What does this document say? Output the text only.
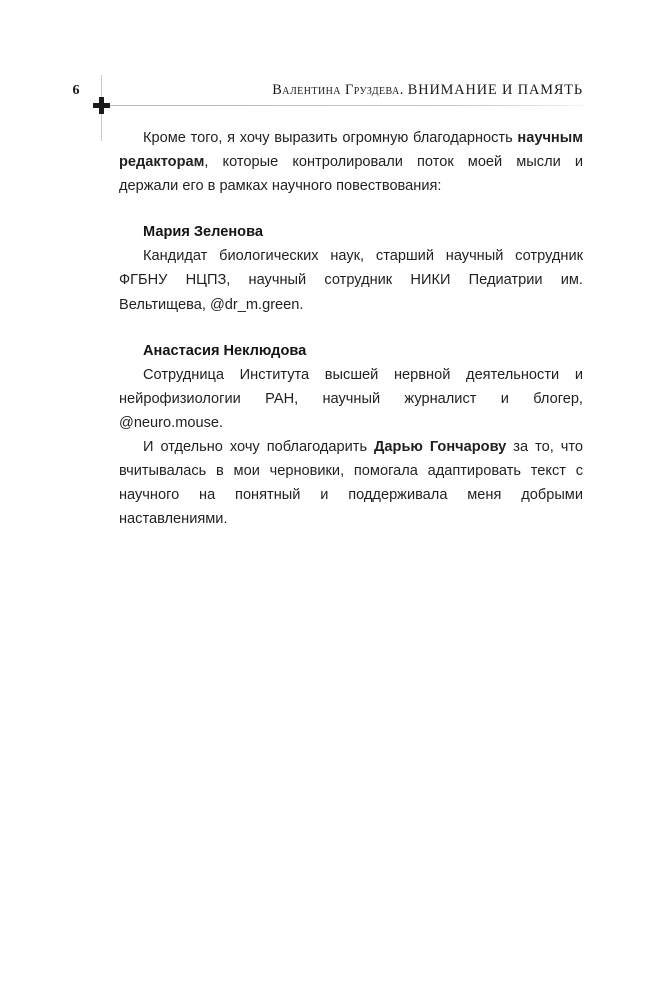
6	Валентина Груздева. ВНИМАНИЕ И ПАМЯТЬ

Кроме того, я хочу выразить огромную благодарность научным редакторам, которые контролировали поток моей мысли и держали его в рамках научного повествования:

Мария Зеленова

Кандидат биологических наук, старший научный сотрудник ФГБНУ НЦПЗ, научный сотрудник НИКИ Педиатрии им. Вельтищева, @dr_m.green.

Анастасия Неклюдова

Сотрудница Института высшей нервной деятельности и нейрофизиологии РАН, научный журналист и блогер, @neuro.mouse.

И отдельно хочу поблагодарить Дарью Гончарову за то, что вчитывалась в мои черновики, помогала адаптировать текст с научного на понятный и поддерживала меня добрыми наставлениями.
